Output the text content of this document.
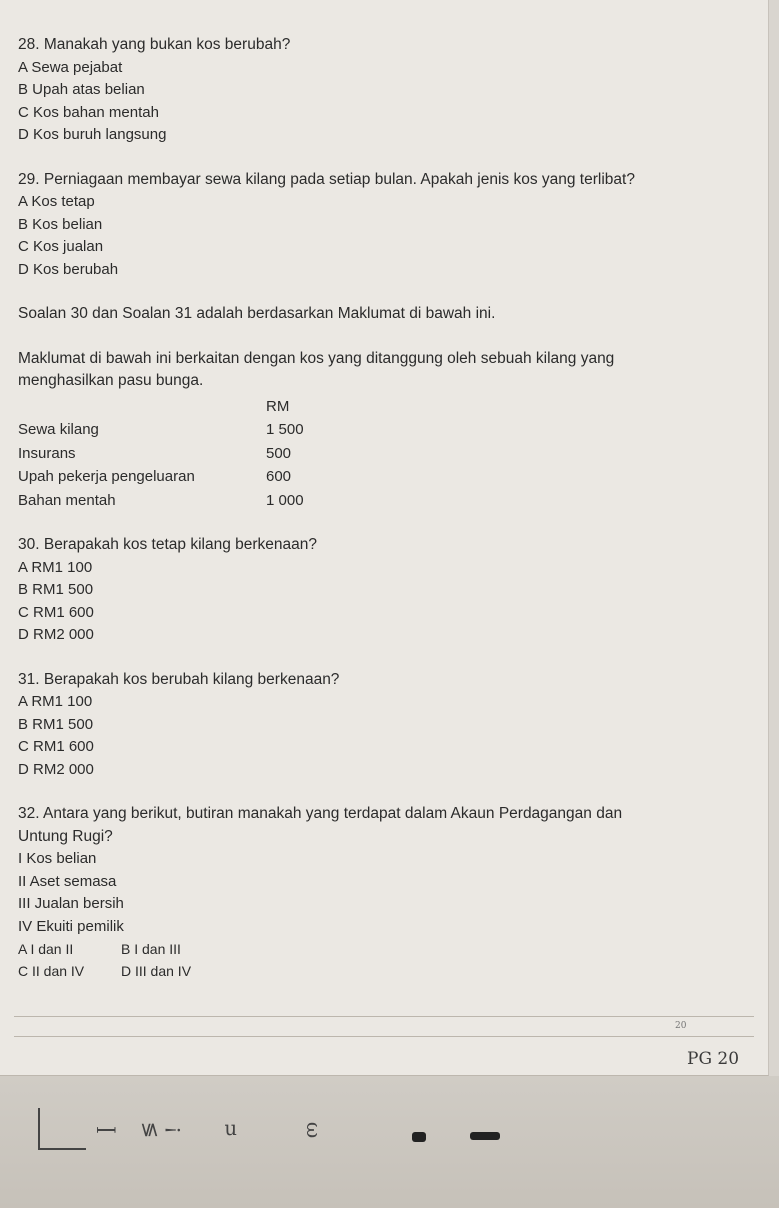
28. Manakah yang bukan kos berubah?

A Sewa pejabat

B Upah atas belian

C Kos bahan mentah

D Kos buruh langsung

29. Perniagaan membayar sewa kilang pada setiap bulan. Apakah jenis kos yang terlibat?

A Kos tetap

B Kos belian

C Kos jualan

D Kos berubah

Soalan 30 dan Soalan 31 adalah berdasarkan Maklumat di bawah ini.

Maklumat di bawah ini berkaitan dengan kos yang ditanggung oleh sebuah kilang yang

menghasilkan pasu bunga.

RM
Sewa kilang	1 500
Insurans	500
Upah pekerja pengeluaran	600
Bahan mentah	1 000

30. Berapakah kos tetap kilang berkenaan?

A RM1 100

B RM1 500

C RM1 600

D RM2 000

31. Berapakah kos berubah kilang berkenaan?

A RM1 100

B RM1 500

C RM1 600

D RM2 000

32. Antara yang berikut, butiran manakah yang terdapat dalam Akaun Perdagangan dan

Untung Rugi?

I Kos belian

II Aset semasa

III Jualan bersih

IV Ekuiti pemilik

A I dan II	B I dan III
C II dan IV	D III dan IV
20
PG 20
ꟾ ≶ ¡ ᴝ	ω
